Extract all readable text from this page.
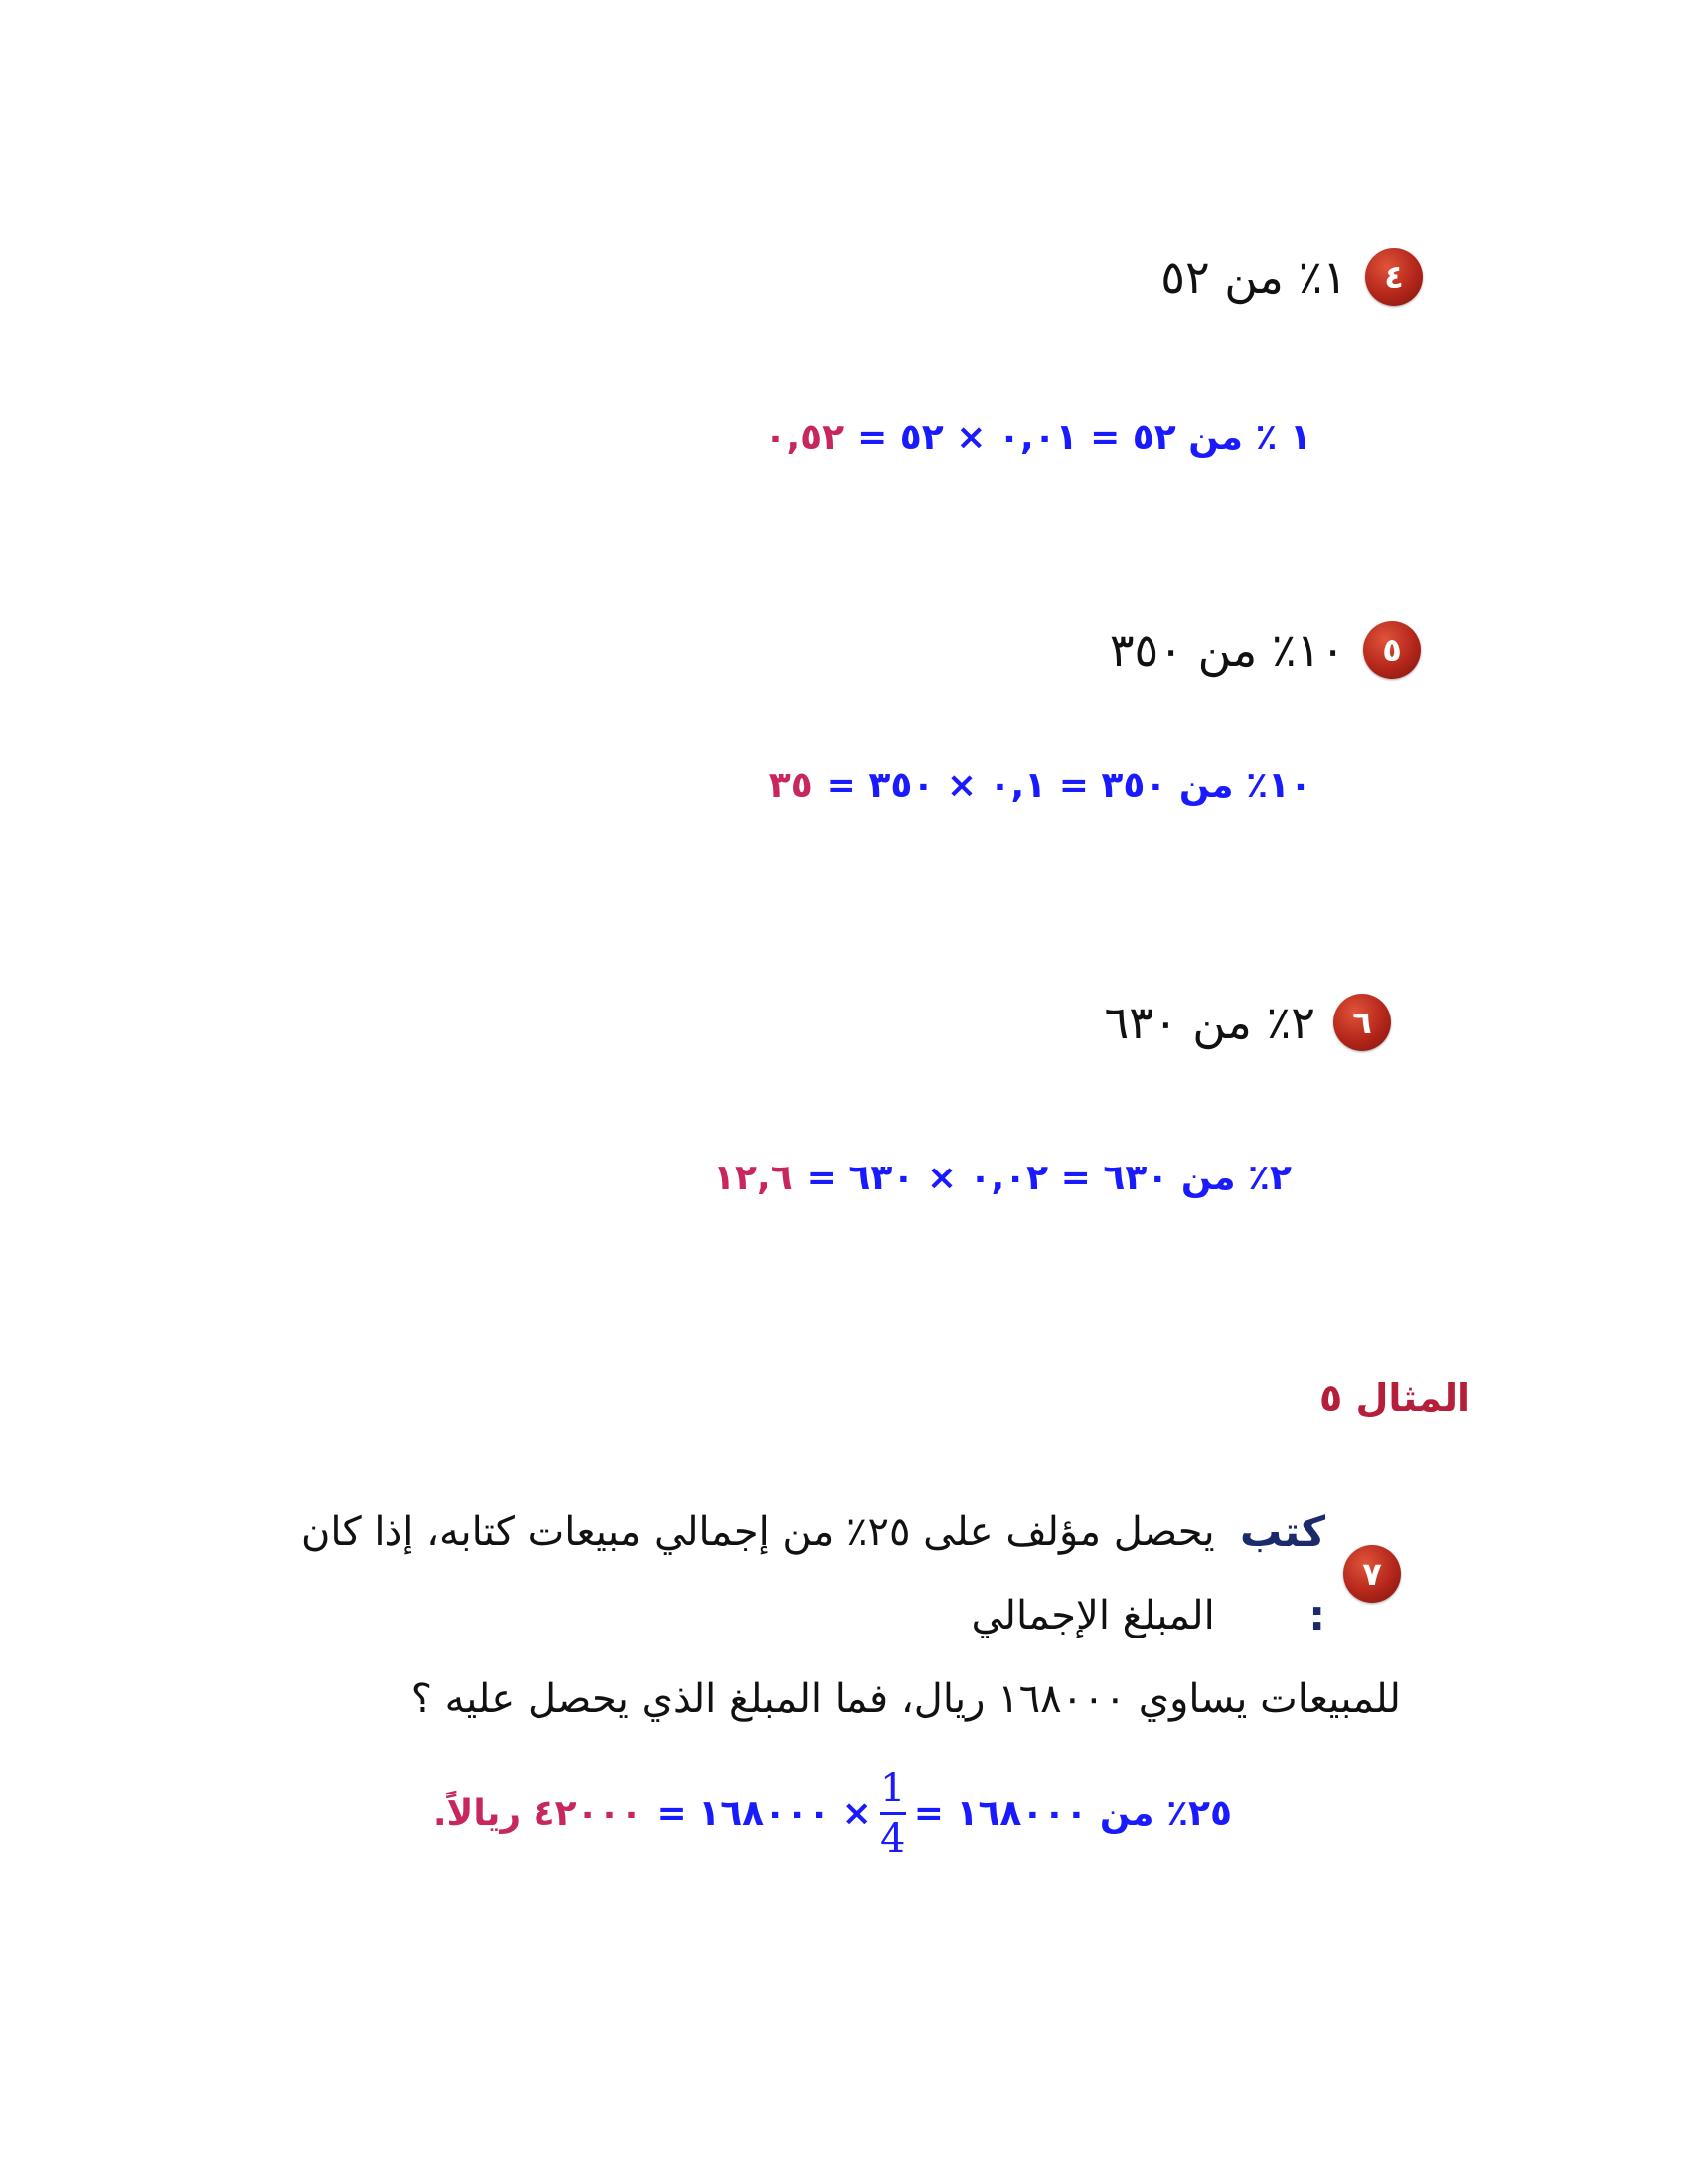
٤
١٪ من ٥٢
١ ٪ من ٥٢ = ٠,٠١ × ٥٢ =
٠,٥٢
٥
١٠٪ من ٣٥٠
١٠٪ من ٣٥٠ = ٠,١ × ٣٥٠ =
٣٥
٦
٢٪ من ٦٣٠
٢٪ من ٦٣٠ = ٠,٠٢ × ٦٣٠ =
١٢,٦
المثال ٥
٧
كتب :
يحصل مؤلف على ٢٥٪ من إجمالي مبيعات كتابه، إذا كان المبلغ الإجمالي
للمبيعات يساوي ١٦٨٠٠٠ ريال، فما المبلغ الذي يحصل عليه ؟
٢٥٪ من ١٦٨٠٠٠ =
$\frac{1}{4}$
× ١٦٨٠٠٠ =
٤٢٠٠٠ ريالاً.
